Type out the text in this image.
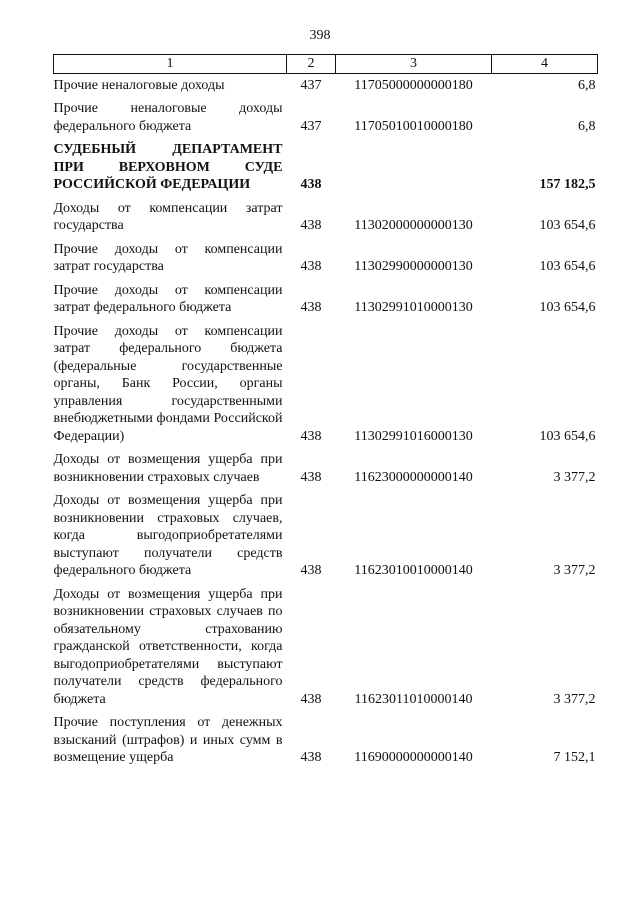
398
1	2	3	4
Прочие неналоговые доходы	437	11705000000000180	6,8
Прочие неналоговые доходы федерального бюджета	437	11705010010000180	6,8
СУДЕБНЫЙ ДЕПАРТАМЕНТ ПРИ ВЕРХОВНОМ СУДЕ РОССИЙСКОЙ ФЕДЕРАЦИИ	438		157 182,5
Доходы от компенсации затрат государства	438	11302000000000130	103 654,6
Прочие доходы от компенсации затрат государства	438	11302990000000130	103 654,6
Прочие доходы от компенсации затрат федерального бюджета	438	11302991010000130	103 654,6
Прочие доходы от компенсации затрат федерального бюджета (федеральные государственные органы, Банк России, органы управления государственными внебюджетными фондами Российской Федерации)	438	11302991016000130	103 654,6
Доходы от возмещения ущерба при возникновении страховых случаев	438	11623000000000140	3 377,2
Доходы от возмещения ущерба при возникновении страховых случаев, когда выгодоприобретателями выступают получатели средств федерального бюджета	438	11623010010000140	3 377,2
Доходы от возмещения ущерба при возникновении страховых случаев по обязательному страхованию гражданской ответственности, когда выгодоприобретателями выступают получатели средств федерального бюджета	438	11623011010000140	3 377,2
Прочие поступления от денежных взысканий (штрафов) и иных сумм в возмещение ущерба	438	11690000000000140	7 152,1
